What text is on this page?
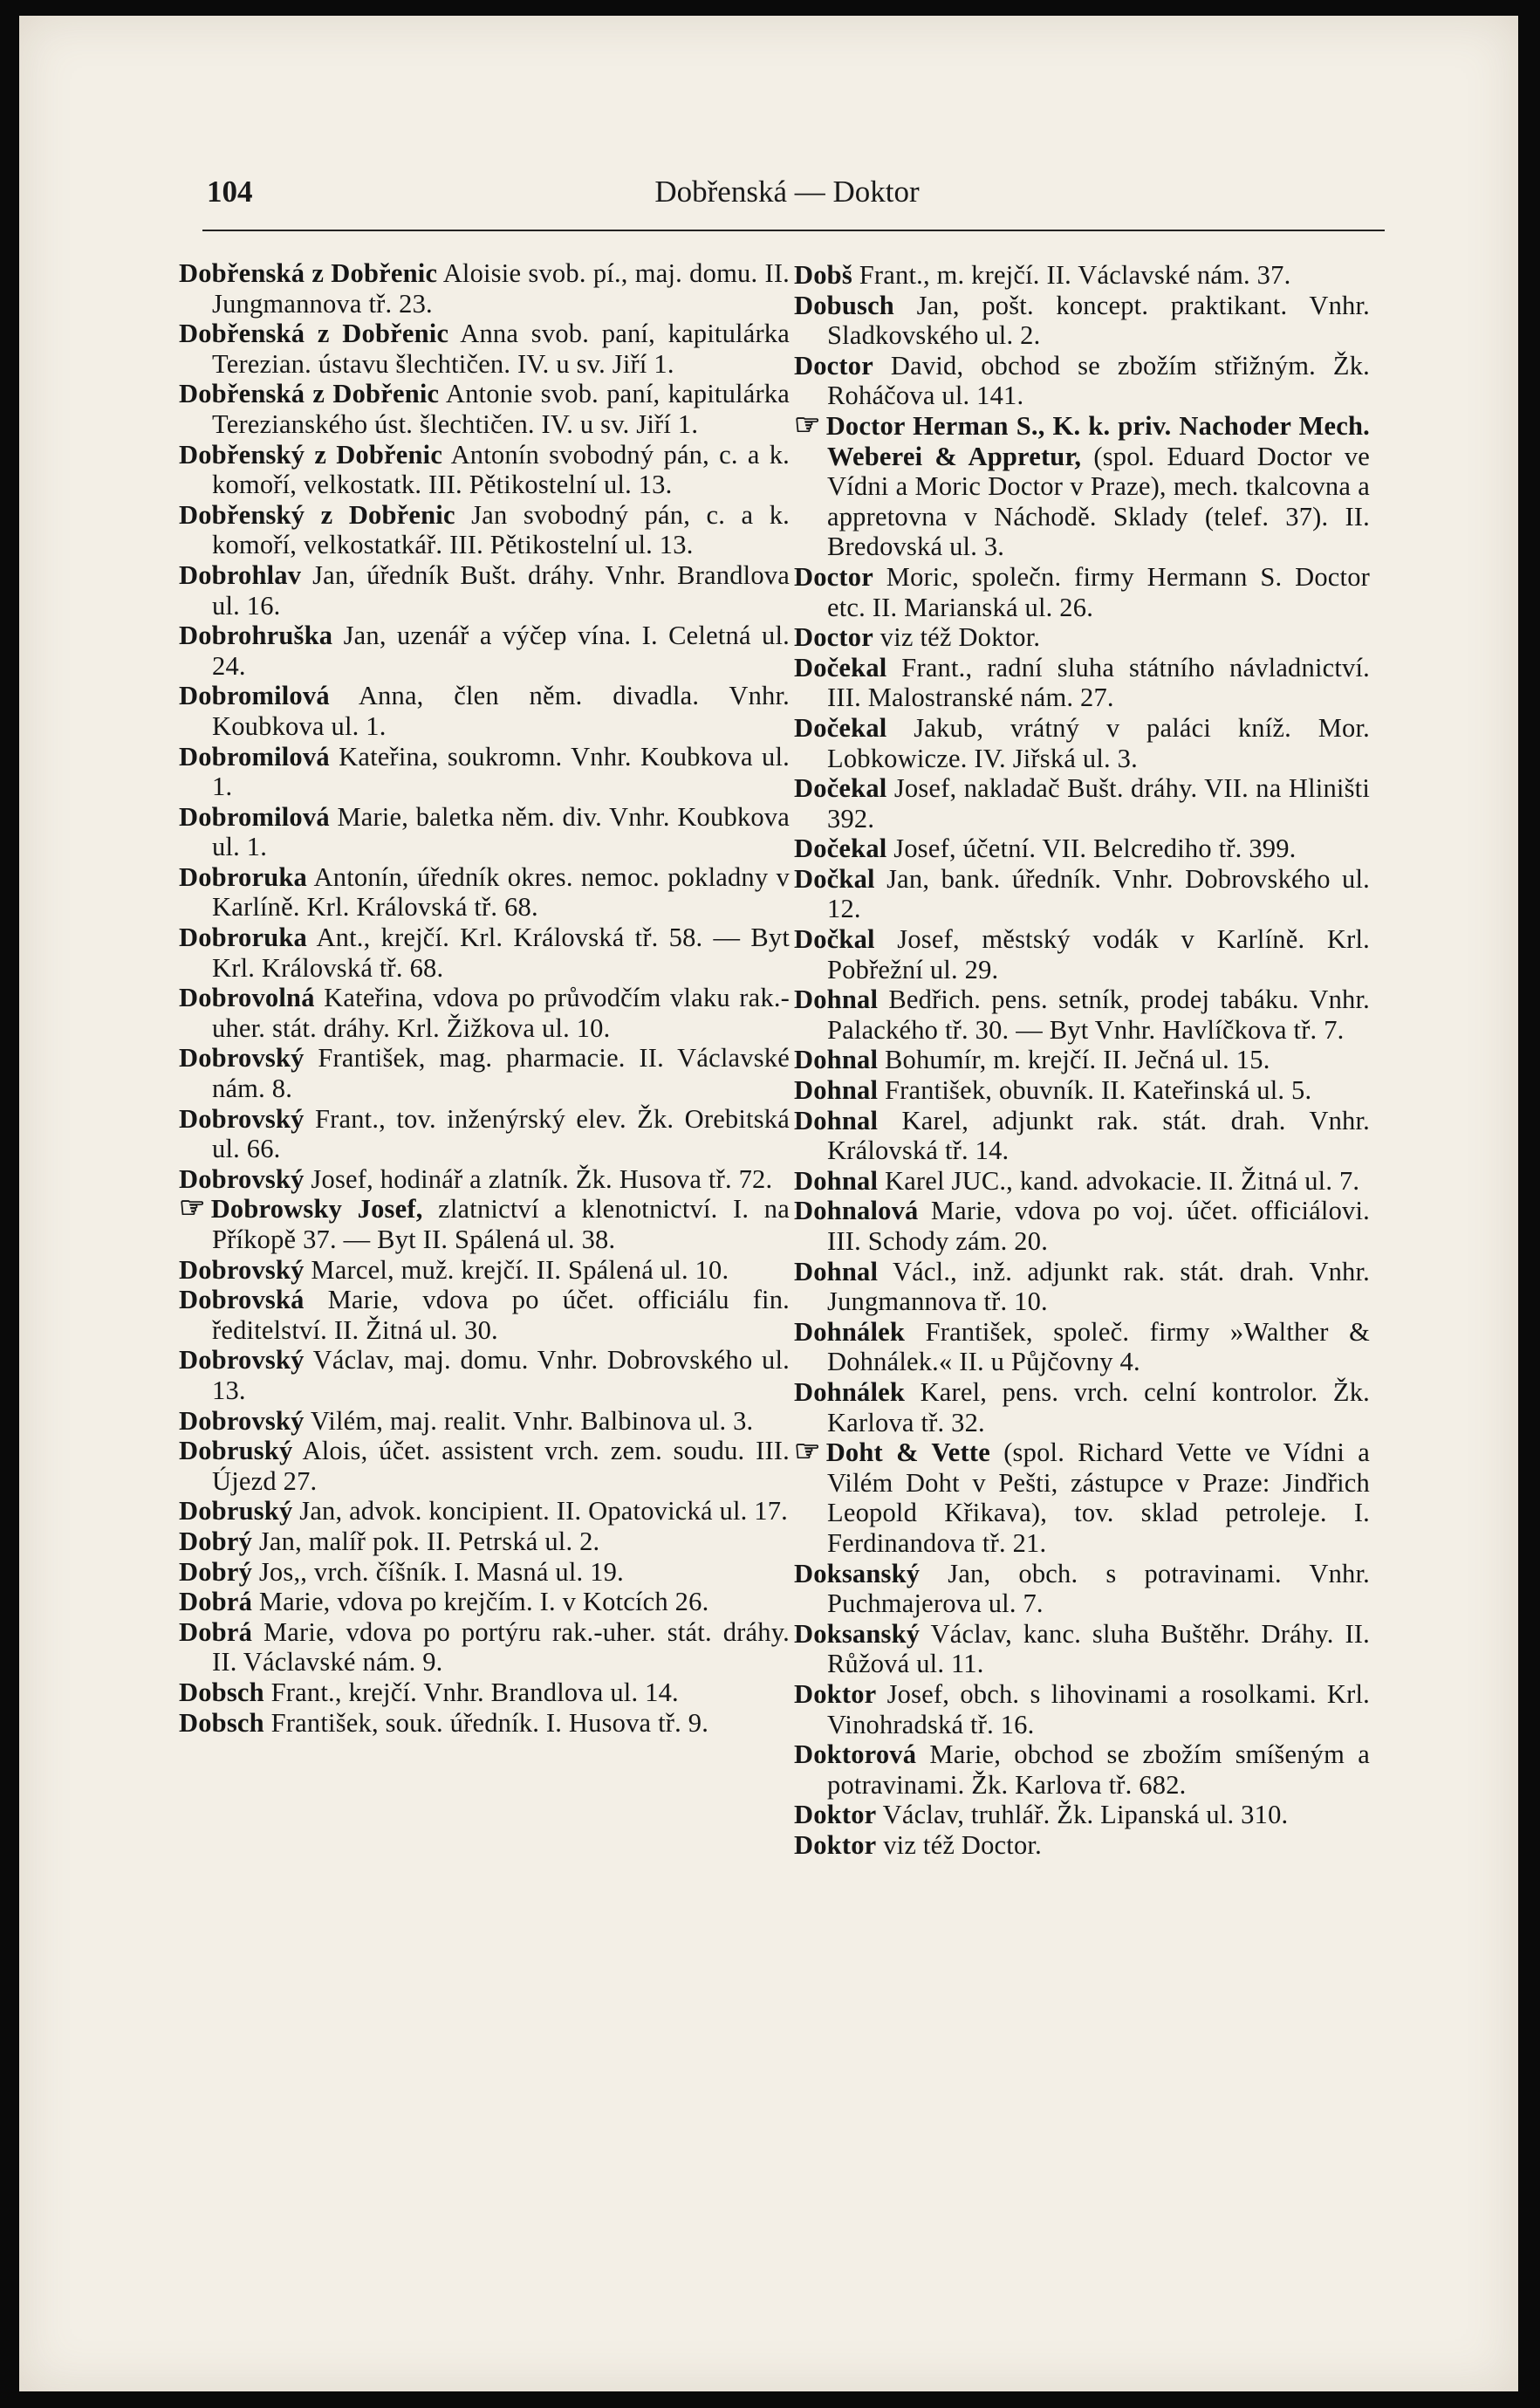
104	Dobřenská — Doktor
Dobřenská z Dobřenic Aloisie svob. pí., maj. domu. II. Jungmannova tř. 23.
Dobřenská z Dobřenic Anna svob. paní, kapitulárka Terezian. ústavu šlechtičen. IV. u sv. Jiří 1.
Dobřenská z Dobřenic Antonie svob. paní, kapitulárka Terezianského úst. šlechtičen. IV. u sv. Jiří 1.
Dobřenský z Dobřenic Antonín svobodný pán, c. a k. komoří, velkostatk. III. Pětikostelní ul. 13.
Dobřenský z Dobřenic Jan svobodný pán, c. a k. komoří, velkostatkář. III. Pětikostelní ul. 13.
Dobrohlav Jan, úředník Bušt. dráhy. Vnhr. Brandlova ul. 16.
Dobrohruška Jan, uzenář a výčep vína. I. Celetná ul. 24.
Dobromilová Anna, člen něm. divadla. Vnhr. Koubkova ul. 1.
Dobromilová Kateřina, soukromn. Vnhr. Koubkova ul. 1.
Dobromilová Marie, baletka něm. div. Vnhr. Koubkova ul. 1.
Dobroruka Antonín, úředník okres. nemoc. pokladny v Karlíně. Krl. Královská tř. 68.
Dobroruka Ant., krejčí. Krl. Královská tř. 58. — Byt Krl. Královská tř. 68.
Dobrovolná Kateřina, vdova po průvodčím vlaku rak.-uher. stát. dráhy. Krl. Žižkova ul. 10.
Dobrovský František, mag. pharmacie. II. Václavské nám. 8.
Dobrovský Frant., tov. inženýrský elev. Žk. Orebitská ul. 66.
Dobrovský Josef, hodinář a zlatník. Žk. Husova tř. 72.
☞ Dobrowsky Josef, zlatnictví a klenotnictví. I. na Příkopě 37. — Byt II. Spálená ul. 38.
Dobrovský Marcel, muž. krejčí. II. Spálená ul. 10.
Dobrovská Marie, vdova po účet. officiálu fin. ředitelství. II. Žitná ul. 30.
Dobrovský Václav, maj. domu. Vnhr. Dobrovského ul. 13.
Dobrovský Vilém, maj. realit. Vnhr. Balbinova ul. 3.
Dobruský Alois, účet. assistent vrch. zem. soudu. III. Újezd 27.
Dobruský Jan, advok. koncipient. II. Opatovická ul. 17.
Dobrý Jan, malíř pok. II. Petrská ul. 2.
Dobrý Jos,, vrch. číšník. I. Masná ul. 19.
Dobrá Marie, vdova po krejčím. I. v Kotcích 26.
Dobrá Marie, vdova po portýru rak.-uher. stát. dráhy. II. Václavské nám. 9.
Dobsch Frant., krejčí. Vnhr. Brandlova ul. 14.
Dobsch František, souk. úředník. I. Husova tř. 9.
Dobš Frant., m. krejčí. II. Václavské nám. 37.
Dobusch Jan, pošt. koncept. praktikant. Vnhr. Sladkovského ul. 2.
Doctor David, obchod se zbožím střižným. Žk. Roháčova ul. 141.
☞ Doctor Herman S., K. k. priv. Nachoder Mech. Weberei & Appretur, (spol. Eduard Doctor ve Vídni a Moric Doctor v Praze), mech. tkalcovna a appretovna v Náchodě. Sklady (telef. 37). II. Bredovská ul. 3.
Doctor Moric, společn. firmy Hermann S. Doctor etc. II. Marianská ul. 26.
Doctor viz též Doktor.
Dočekal Frant., radní sluha státního návladnictví. III. Malostranské nám. 27.
Dočekal Jakub, vrátný v paláci kníž. Mor. Lobkowicze. IV. Jiřská ul. 3.
Dočekal Josef, nakladač Bušt. dráhy. VII. na Hliništi 392.
Dočekal Josef, účetní. VII. Belcrediho tř. 399.
Dočkal Jan, bank. úředník. Vnhr. Dobrovského ul. 12.
Dočkal Josef, městský vodák v Karlíně. Krl. Pobřežní ul. 29.
Dohnal Bedřich. pens. setník, prodej tabáku. Vnhr. Palackého tř. 30. — Byt Vnhr. Havlíčkova tř. 7.
Dohnal Bohumír, m. krejčí. II. Ječná ul. 15.
Dohnal František, obuvník. II. Kateřinská ul. 5.
Dohnal Karel, adjunkt rak. stát. drah. Vnhr. Královská tř. 14.
Dohnal Karel JUC., kand. advokacie. II. Žitná ul. 7.
Dohnalová Marie, vdova po voj. účet. officiálovi. III. Schody zám. 20.
Dohnal Václ., inž. adjunkt rak. stát. drah. Vnhr. Jungmannova tř. 10.
Dohnálek František, společ. firmy »Walther & Dohnálek.« II. u Půjčovny 4.
Dohnálek Karel, pens. vrch. celní kontrolor. Žk. Karlova tř. 32.
☞ Doht & Vette (spol. Richard Vette ve Vídni a Vilém Doht v Pešti, zástupce v Praze: Jindřich Leopold Křikava), tov. sklad petroleje. I. Ferdinandova tř. 21.
Doksanský Jan, obch. s potravinami. Vnhr. Puchmajerova ul. 7.
Doksanský Václav, kanc. sluha Buštěhr. Dráhy. II. Růžová ul. 11.
Doktor Josef, obch. s lihovinami a rosolkami. Krl. Vinohradská tř. 16.
Doktorová Marie, obchod se zbožím smíšeným a potravinami. Žk. Karlova tř. 682.
Doktor Václav, truhlář. Žk. Lipanská ul. 310.
Doktor viz též Doctor.
